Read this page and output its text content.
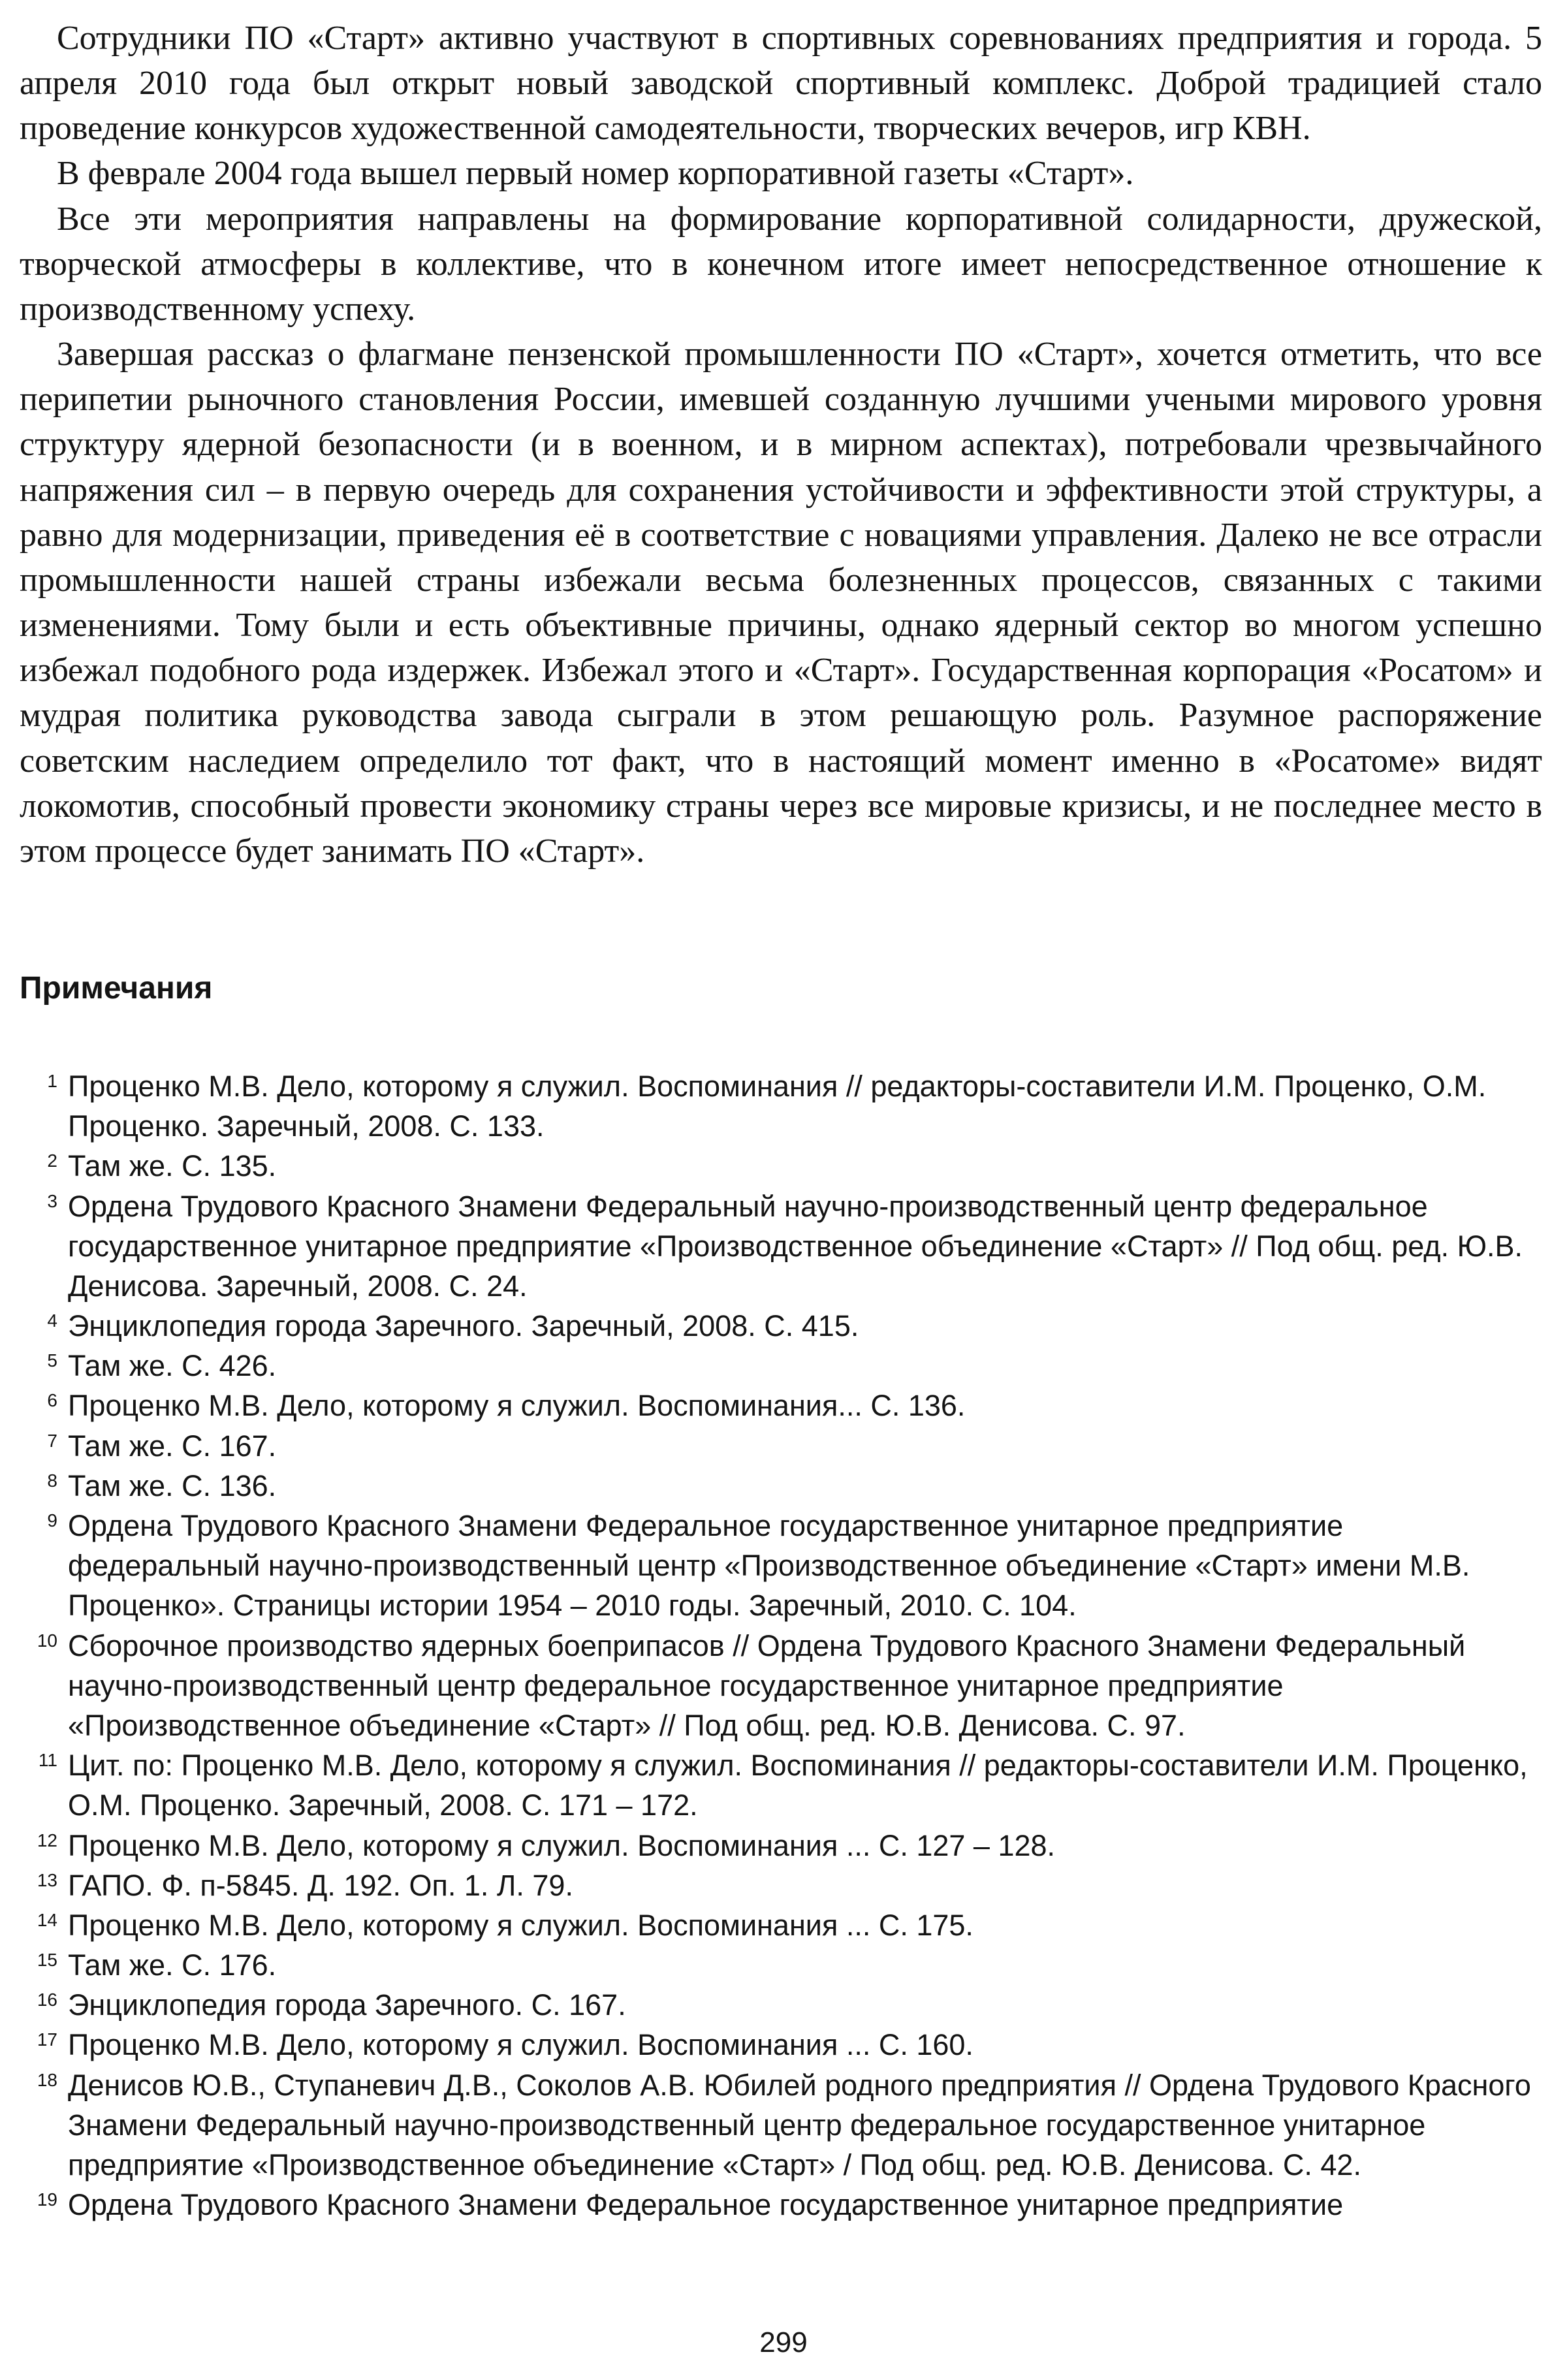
Сотрудники ПО «Старт» активно участвуют в спортивных соревнованиях предприятия и города. 5 апреля 2010 года был открыт новый заводской спортивный комплекс. Доброй традицией стало проведение конкурсов художественной самодеятельности, творческих вечеров, игр КВН.

В феврале 2004 года вышел первый номер корпоративной газеты «Старт».

Все эти мероприятия направлены на формирование корпоративной солидарности, дружеской, творческой атмосферы в коллективе, что в конечном итоге имеет непосредственное отношение к производственному успеху.

Завершая рассказ о флагмане пензенской промышленности ПО «Старт», хочется отметить, что все перипетии рыночного становления России, имевшей созданную лучшими учеными мирового уровня структуру ядерной безопасности (и в военном, и в мирном аспектах), потребовали чрезвычайного напряжения сил – в первую очередь для сохранения устойчивости и эффективности этой структуры, а равно для модернизации, приведения её в соответствие с новациями управления. Далеко не все отрасли промышленности нашей страны избежали весьма болезненных процессов, связанных с такими изменениями. Тому были и есть объективные причины, однако ядерный сектор во многом успешно избежал подобного рода издержек. Избежал этого и «Старт». Государственная корпорация «Росатом» и мудрая политика руководства завода сыграли в этом решающую роль. Разумное распоряжение советским наследием определило тот факт, что в настоящий момент именно в «Росатоме» видят локомотив, способный провести экономику страны через все мировые кризисы, и не последнее место в этом процессе будет занимать ПО «Старт».

Примечания
1 Проценко М.В. Дело, которому я служил. Воспоминания // редакторы-составители И.М. Проценко, О.М. Проценко. Заречный, 2008. С. 133.
2 Там же. С. 135.
3 Ордена Трудового Красного Знамени Федеральный научно-производственный центр федеральное государственное унитарное предприятие «Производственное объединение «Старт» // Под общ. ред. Ю.В. Денисова. Заречный, 2008. С. 24.
4 Энциклопедия города Заречного. Заречный, 2008. С. 415.
5 Там же. С. 426.
6 Проценко М.В. Дело, которому я служил. Воспоминания... С. 136.
7 Там же. С. 167.
8 Там же. С. 136.
9 Ордена Трудового Красного Знамени Федеральное государственное унитарное предприятие федеральный научно-производственный центр «Производственное объединение «Старт» имени М.В. Проценко». Страницы истории 1954 – 2010 годы. Заречный, 2010. С. 104.
10 Сборочное производство ядерных боеприпасов // Ордена Трудового Красного Знамени Федеральный научно-производственный центр федеральное государственное унитарное предприятие «Производственное объединение «Старт» // Под общ. ред. Ю.В. Денисова. С. 97.
11 Цит. по: Проценко М.В. Дело, которому я служил. Воспоминания // редакторы-составители И.М. Проценко, О.М. Проценко. Заречный, 2008. С. 171 – 172.
12 Проценко М.В. Дело, которому я служил. Воспоминания ... С. 127 – 128.
13 ГАПО. Ф. п-5845. Д. 192. Оп. 1. Л. 79.
14 Проценко М.В. Дело, которому я служил. Воспоминания ... С. 175.
15 Там же. С. 176.
16 Энциклопедия города Заречного. С. 167.
17 Проценко М.В. Дело, которому я служил. Воспоминания ... С. 160.
18 Денисов Ю.В., Ступаневич Д.В., Соколов А.В. Юбилей родного предприятия // Ордена Трудового Красного Знамени Федеральный научно-производственный центр федеральное государственное унитарное предприятие «Производственное объединение «Старт» / Под общ. ред. Ю.В. Денисова. С. 42.
19 Ордена Трудового Красного Знамени Федеральное государственное унитарное предприятие
299
